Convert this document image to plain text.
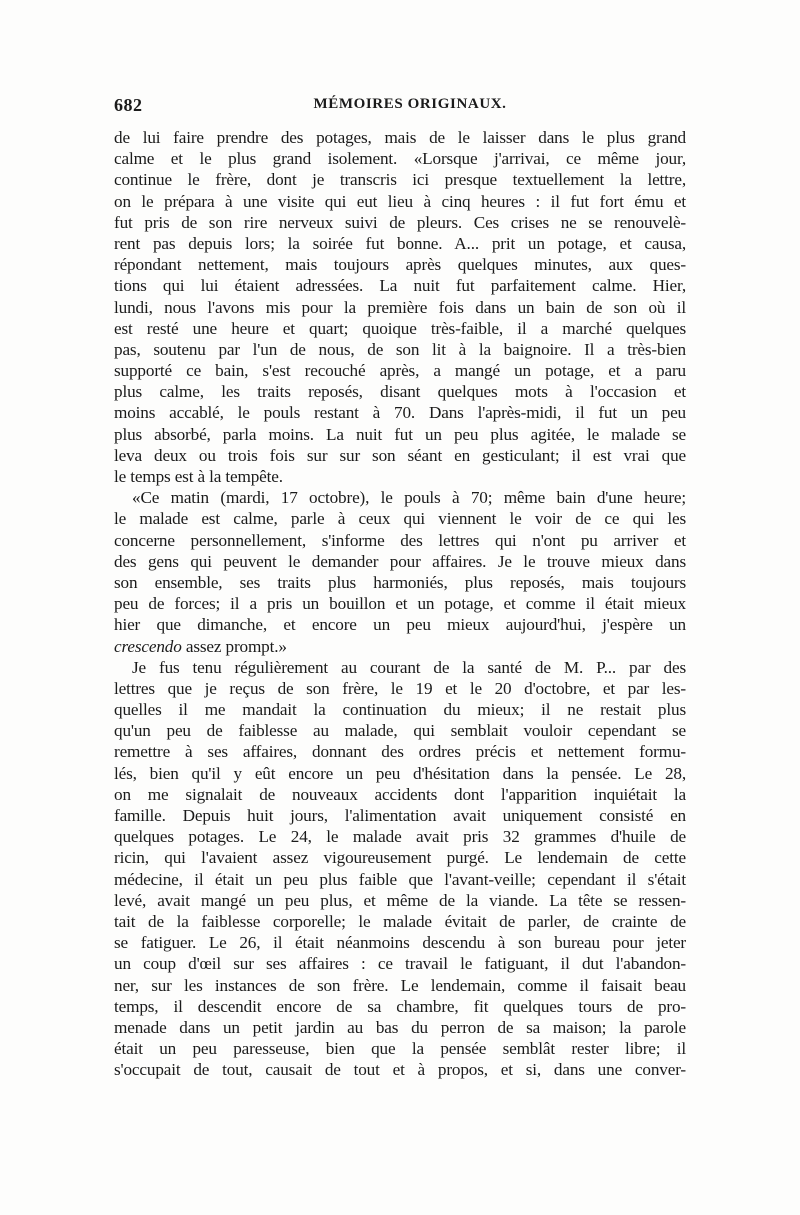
682	MÉMOIRES ORIGINAUX.
de lui faire prendre des potages, mais de le laisser dans le plus grand
calme et le plus grand isolement. «Lorsque j'arrivai, ce même jour,
continue le frère, dont je transcris ici presque textuellement la lettre,
on le prépara à une visite qui eut lieu à cinq heures : il fut fort ému et
fut pris de son rire nerveux suivi de pleurs. Ces crises ne se renouvelè-
rent pas depuis lors; la soirée fut bonne. A... prit un potage, et causa,
répondant nettement, mais toujours après quelques minutes, aux ques-
tions qui lui étaient adressées. La nuit fut parfaitement calme. Hier,
lundi, nous l'avons mis pour la première fois dans un bain de son où il
est resté une heure et quart; quoique très-faible, il a marché quelques
pas, soutenu par l'un de nous, de son lit à la baignoire. Il a très-bien
supporté ce bain, s'est recouché après, a mangé un potage, et a paru
plus calme, les traits reposés, disant quelques mots à l'occasion et
moins accablé, le pouls restant à 70. Dans l'après-midi, il fut un peu
plus absorbé, parla moins. La nuit fut un peu plus agitée, le malade se
leva deux ou trois fois sur sur son séant en gesticulant; il est vrai que
le temps est à la tempête.
«Ce matin (mardi, 17 octobre), le pouls à 70; même bain d'une heure;
le malade est calme, parle à ceux qui viennent le voir de ce qui les
concerne personnellement, s'informe des lettres qui n'ont pu arriver et
des gens qui peuvent le demander pour affaires. Je le trouve mieux dans
son ensemble, ses traits plus harmoniés, plus reposés, mais toujours
peu de forces; il a pris un bouillon et un potage, et comme il était mieux
hier que dimanche, et encore un peu mieux aujourd'hui, j'espère un
crescendo assez prompt.»
Je fus tenu régulièrement au courant de la santé de M. P... par des
lettres que je reçus de son frère, le 19 et le 20 d'octobre, et par les-
quelles il me mandait la continuation du mieux; il ne restait plus
qu'un peu de faiblesse au malade, qui semblait vouloir cependant se
remettre à ses affaires, donnant des ordres précis et nettement formu-
lés, bien qu'il y eût encore un peu d'hésitation dans la pensée. Le 28,
on me signalait de nouveaux accidents dont l'apparition inquiétait la
famille. Depuis huit jours, l'alimentation avait uniquement consisté en
quelques potages. Le 24, le malade avait pris 32 grammes d'huile de
ricin, qui l'avaient assez vigoureusement purgé. Le lendemain de cette
médecine, il était un peu plus faible que l'avant-veille; cependant il s'était
levé, avait mangé un peu plus, et même de la viande. La tête se ressen-
tait de la faiblesse corporelle; le malade évitait de parler, de crainte de
se fatiguer. Le 26, il était néanmoins descendu à son bureau pour jeter
un coup d'œil sur ses affaires : ce travail le fatiguant, il dut l'abandon-
ner, sur les instances de son frère. Le lendemain, comme il faisait beau
temps, il descendit encore de sa chambre, fit quelques tours de pro-
menade dans un petit jardin au bas du perron de sa maison; la parole
était un peu paresseuse, bien que la pensée semblât rester libre; il
s'occupait de tout, causait de tout et à propos, et si, dans une conver-
